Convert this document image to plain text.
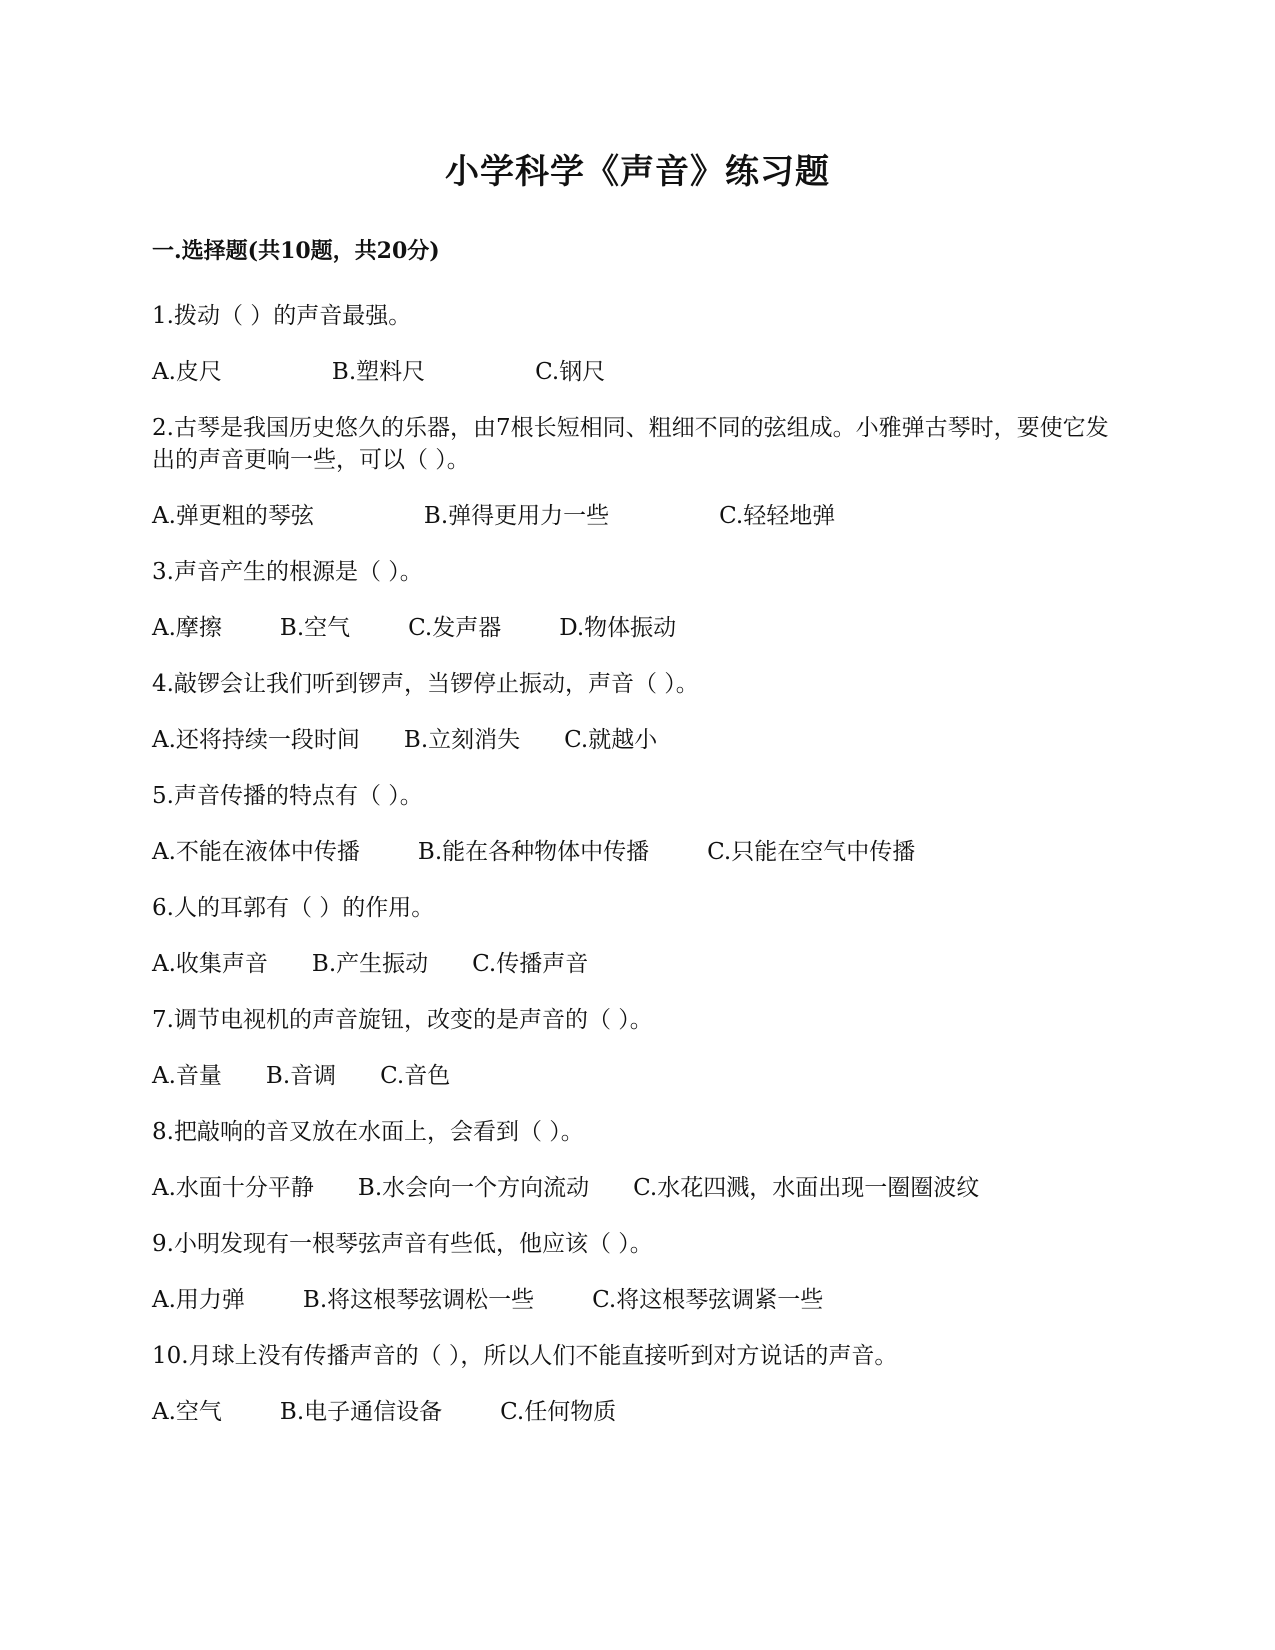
小学科学《声音》练习题
一.选择题(共10题，共20分)

1.拨动（ ）的声音最强。

A.皮尺	B.塑料尺	C.钢尺

2.古琴是我国历史悠久的乐器，由7根长短相同、粗细不同的弦组成。小雅弹古琴时，要使它发出的声音更响一些，可以（ ）。

A.弹更粗的琴弦	B.弹得更用力一些	C.轻轻地弹

3.声音产生的根源是（ ）。

A.摩擦	B.空气	C.发声器	D.物体振动

4.敲锣会让我们听到锣声，当锣停止振动，声音（ ）。

A.还将持续一段时间 B.立刻消失 C.就越小

5.声音传播的特点有（ ）。

A.不能在液体中传播	B.能在各种物体中传播	C.只能在空气中传播

6.人的耳郭有（ ）的作用。

A.收集声音 B.产生振动 C.传播声音

7.调节电视机的声音旋钮，改变的是声音的（ ）。

A.音量 B.音调 C.音色

8.把敲响的音叉放在水面上，会看到（ ）。

A.水面十分平静 B.水会向一个方向流动 C.水花四溅，水面出现一圈圈波纹

9.小明发现有一根琴弦声音有些低，他应该（ ）。

A.用力弹	B.将这根琴弦调松一些	C.将这根琴弦调紧一些

10.月球上没有传播声音的（ ），所以人们不能直接听到对方说话的声音。

A.空气	B.电子通信设备	C.任何物质
